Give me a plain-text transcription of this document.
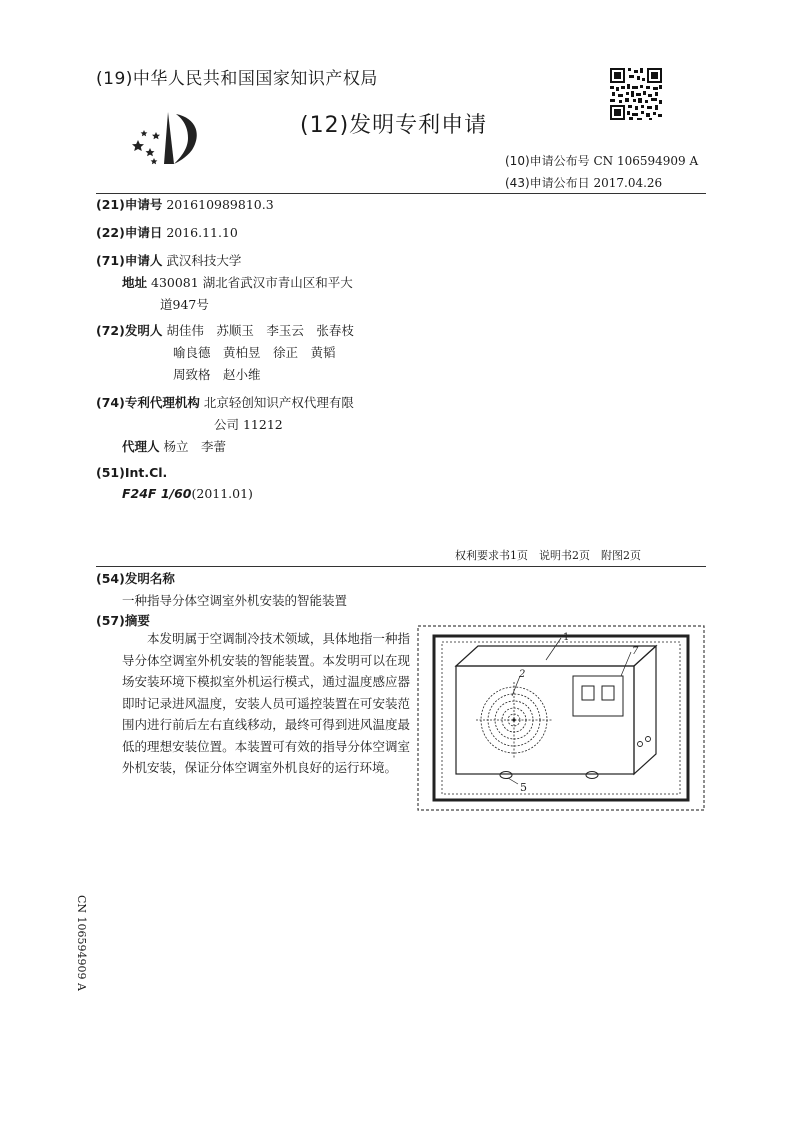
(19)中华人民共和国国家知识产权局
(12)发明专利申请
(10)申请公布号 CN 106594909 A
(43)申请公布日 2017.04.26
(21)申请号 201610989810.3
(22)申请日 2016.11.10
(71)申请人 武汉科技大学
地址 430081 湖北省武汉市青山区和平大
道947号
(72)发明人 胡佳伟　苏顺玉　李玉云　张春枝
喻良德　黄柏昱　徐正　黄韬
周致格　赵小维
(74)专利代理机构 北京轻创知识产权代理有限
公司 11212
代理人 杨立　李蕾
(51)Int.Cl.
F24F 1/60(2011.01)
权利要求书1页　说明书2页　附图2页
(54)发明名称
一种指导分体空调室外机安装的智能装置
(57)摘要
本发明属于空调制冷技术领域，具体地指一种指导分体空调室外机安装的智能装置。本发明可以在现场安装环境下模拟室外机运行模式，通过温度感应器即时记录进风温度，安装人员可遥控装置在可安装范围内进行前后左右直线移动，最终可得到进风温度最低的理想安装位置。本装置可有效的指导分体空调室外机安装，保证分体空调室外机良好的运行环境。
1
2
7
5
CN 106594909 A
